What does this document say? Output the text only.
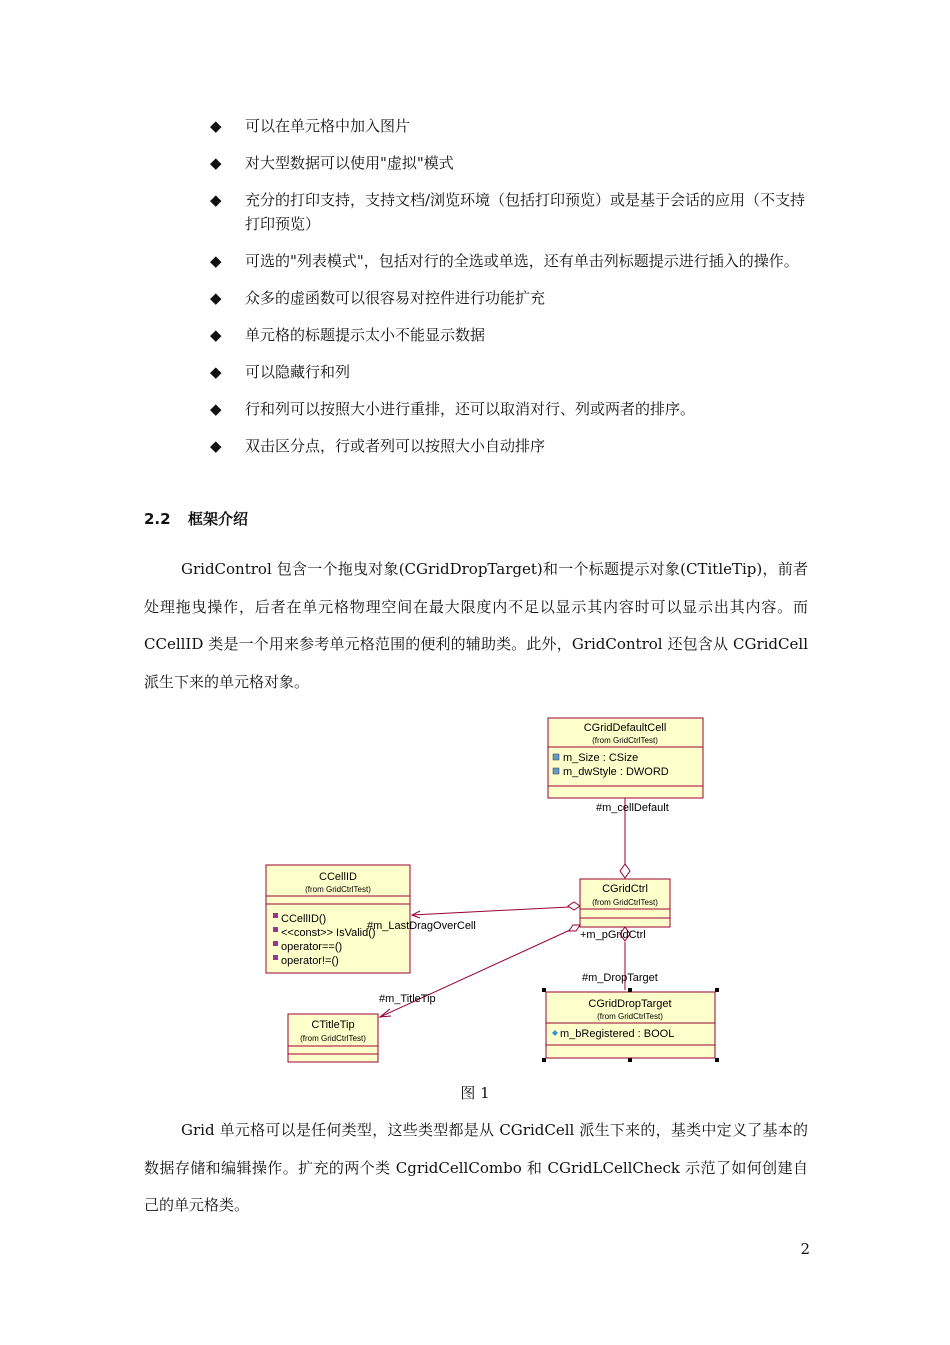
◆ 可以在单元格中加入图片
◆ 对大型数据可以使用"虚拟"模式
◆ 充分的打印支持，支持文档/浏览环境（包括打印预览）或是基于会话的应用（不支持打印预览）
◆ 可选的"列表模式"，包括对行的全选或单选，还有单击列标题提示进行插入的操作。
◆ 众多的虚函数可以很容易对控件进行功能扩充
◆ 单元格的标题提示太小不能显示数据
◆ 可以隐藏行和列
◆ 行和列可以按照大小进行重排，还可以取消对行、列或两者的排序。
◆ 双击区分点，行或者列可以按照大小自动排序
2.2 框架介绍

GridControl 包含一个拖曳对象(CGridDropTarget)和一个标题提示对象(CTitleTip)，前者处理拖曳操作，后者在单元格物理空间在最大限度内不足以显示其内容时可以显示出其内容。而 CCellID 类是一个用来参考单元格范围的便利的辅助类。此外，GridControl 还包含从 CGridCell 派生下来的单元格对象。

CGridDefaultCell
(from GridCtrlTest)
m_Size : CSize
m_dwStyle : DWORD
CCellID
(from GridCtrlTest)
CCellID()
<<const>> IsValid()
operator==()
operator!=()
CGridCtrl
(from GridCtrlTest)
CGridDropTarget
(from GridCtrlTest)
m_bRegistered : BOOL
CTitleTip
(from GridCtrlTest)
#m_cellDefault
#m_LastDragOverCell
+m_pGridCtrl
#m_DropTarget
#m_TitleTip
图 1

Grid 单元格可以是任何类型，这些类型都是从 CGridCell 派生下来的，基类中定义了基本的数据存储和编辑操作。扩充的两个类 CgridCellCombo 和 CGridLCellCheck 示范了如何创建自己的单元格类。

2
